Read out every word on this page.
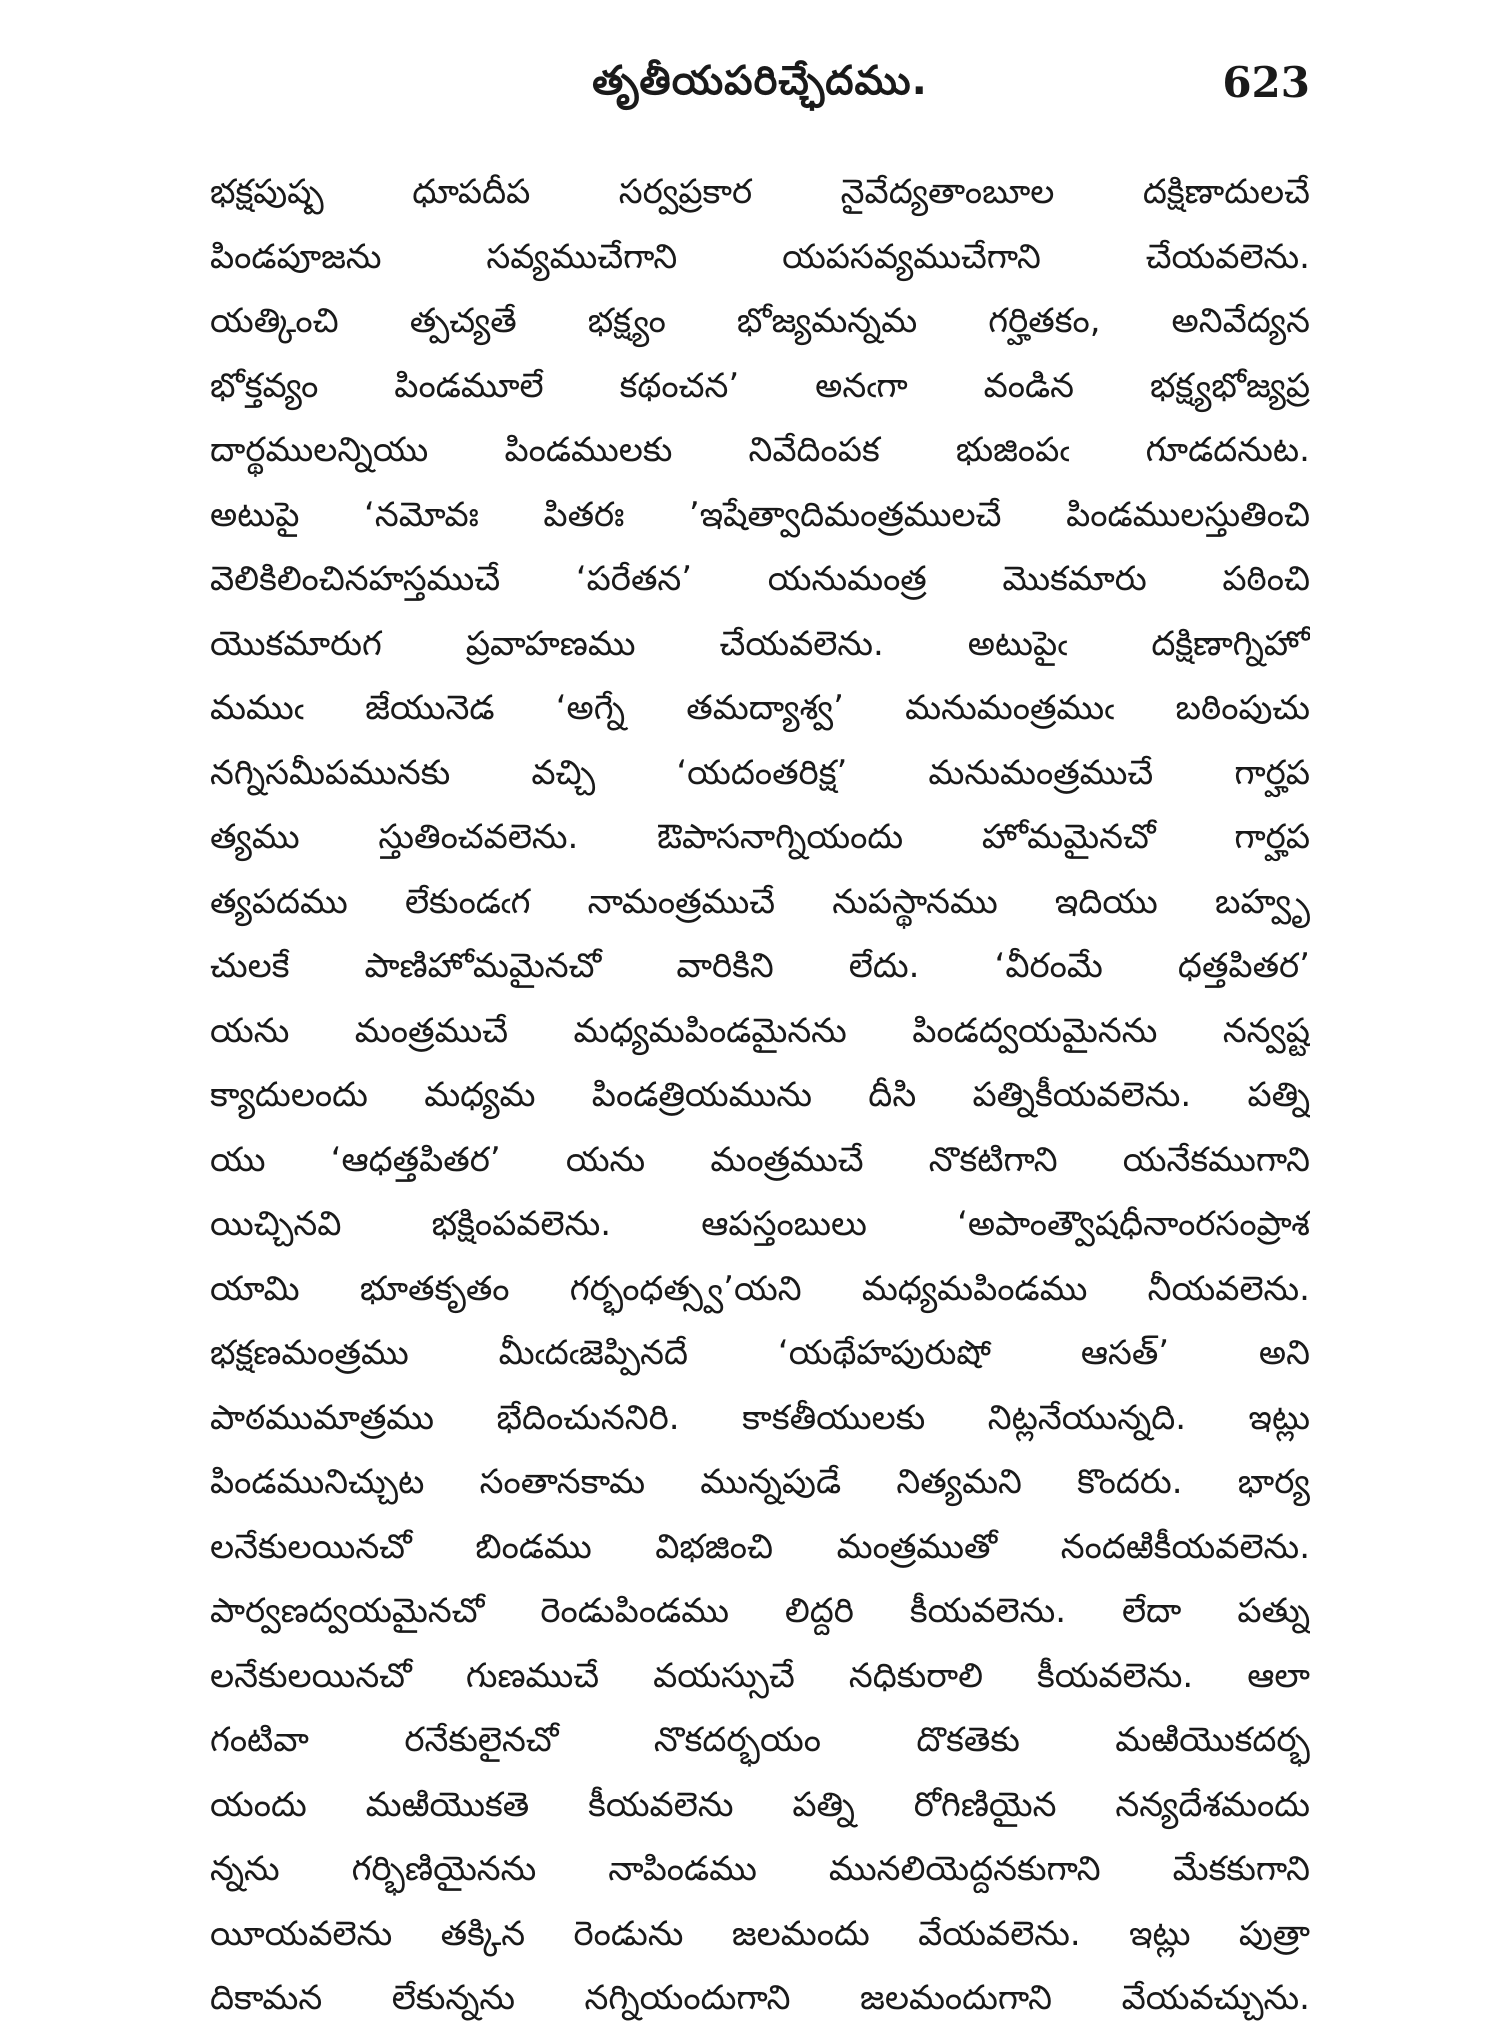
తృతీయపరిచ్ఛేదము.	623
భక్షపుష్ప ధూపదీప సర్వప్రకార నైవేద్యతాంబూల దక్షిణాదులచే
పిండపూజను సవ్యముచేగాని యపసవ్యముచేగాని చేయవలెను.
యత్కించి త్పచ్యతే భక్ష్యం భోజ్యమన్నమ గర్హితకం, అనివేద్యన
భోక్తవ్యం పిండమూలే కథంచన’ అనఁగా వండిన భక్ష్యభోజ్యప్ర
దార్థములన్నియు పిండములకు నివేదింపక భుజింపఁ గూడదనుట.
అటుపై ‘నమోవః పితరః ’ఇషేత్వాదిమంత్రములచే పిండములస్తుతించి
వెలికిలించినహస్తముచే ‘పరేతన’ యనుమంత్ర మొకమారు పఠించి
యొకమారుగ ప్రవాహణము చేయవలెను. అటుపైఁ దక్షిణాగ్నిహో
మముఁ జేయునెడ ‘అగ్నే తమద్యాశ్వ’ మనుమంత్రముఁ బఠింపుచు
నగ్నిసమీపమునకు వచ్చి ‘యదంతరిక్ష’ మనుమంత్రముచే గార్హప
త్యము స్తుతించవలెను. ఔపాసనాగ్నియందు హోమమైనచో గార్హప
త్యపదము లేకుండఁగ నామంత్రముచే నుపస్థానము ఇదియు బహ్వృ
చులకే పాణిహోమమైనచో వారికిని లేదు. ‘వీరంమే ధత్తపితర’
యను మంత్రముచే మధ్యమపిండమైనను పిండద్వయమైనను నన్వష్ట
క్యాదులందు మధ్యమ పిండత్రియమును దీసి పత్నికీయవలెను. పత్ని
యు ‘ఆధత్తపితర’ యను మంత్రముచే నొకటిగాని యనేకముగాని
యిచ్చినవి భక్షింపవలెను. ఆపస్తంబులు ‘అపాంత్వౌషధీనాంరసంప్రాశ
యామి భూతకృతం గర్భంధత్స్వ’యని మధ్యమపిండము నీయవలెను.
భక్షణమంత్రము మీఁదఁజెప్పినదే ‘యథేహపురుషో ఆసత్’ అని
పాఠముమాత్రము భేదించుననిరి. కాకతీయులకు నిట్లనేయున్నది. ఇట్లు
పిండమునిచ్చుట సంతానకామ మున్నపుడే నిత్యమని కొందరు. భార్య
లనేకులయినచో బిండము విభజించి మంత్రముతో నందఱికీయవలెను.
పార్వణద్వయమైనచో రెండుపిండము లిద్దరి కీయవలెను. లేదా పత్ను
లనేకులయినచో గుణముచే వయస్సుచే నధికురాలి కీయవలెను. ఆలా
గంటివా రనేకులైనచో నొకదర్భయం దొకతెకు మఱియొకదర్భ
యందు మఱియొకతె కీయవలెను పత్ని రోగిణియైన నన్యదేశమందు
న్నను గర్భిణియైనను నాపిండము మునలియెద్దనకుగాని మేకకుగాని
యీయవలెను తక్కిన రెండును జలమందు వేయవలెను. ఇట్లు పుత్రా
దికామన లేకున్నను నగ్నియందుగాని జలమందుగాని వేయవచ్చును.
